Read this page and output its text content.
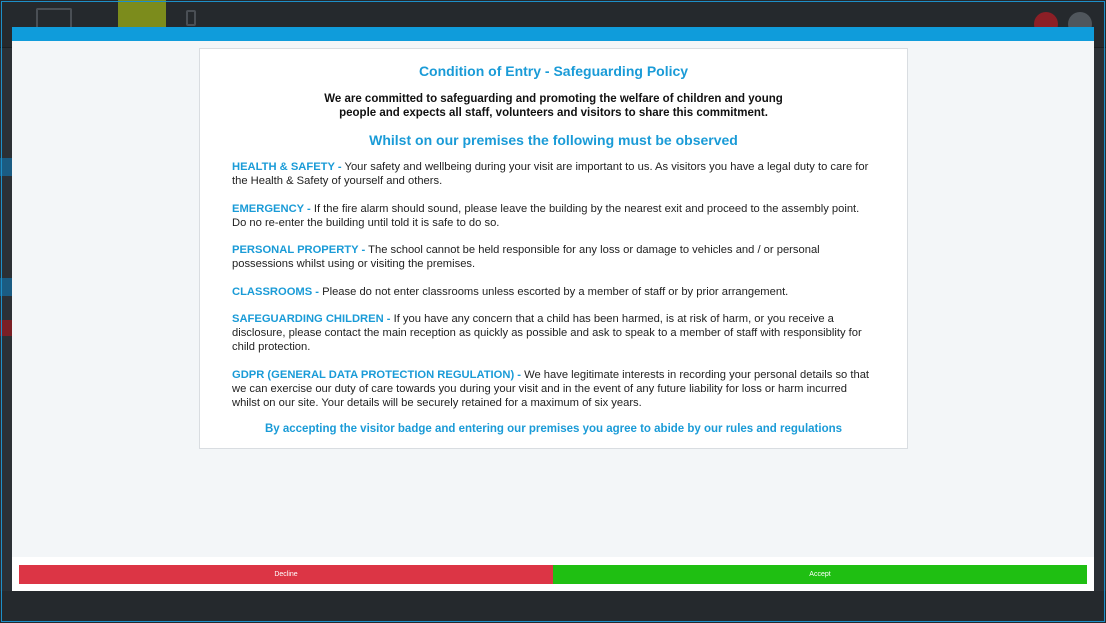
Condition of Entry - Safeguarding Policy
We are committed to safeguarding and promoting the welfare of children and young people and expects all staff, volunteers and visitors to share this commitment.
Whilst on our premises the following must be observed
HEALTH & SAFETY - Your safety and wellbeing during your visit are important to us. As visitors you have a legal duty to care for the Health & Safety of yourself and others.
EMERGENCY - If the fire alarm should sound, please leave the building by the nearest exit and proceed to the assembly point. Do no re-enter the building until told it is safe to do so.
PERSONAL PROPERTY - The school cannot be held responsible for any loss or damage to vehicles and / or personal possessions whilst using or visiting the premises.
CLASSROOMS - Please do not enter classrooms unless escorted by a member of staff or by prior arrangement.
SAFEGUARDING CHILDREN - If you have any concern that a child has been harmed, is at risk of harm, or you receive a disclosure, please contact the main reception as quickly as possible and ask to speak to a member of staff with responsiblity for child protection.
GDPR (GENERAL DATA PROTECTION REGULATION) - We have legitimate interests in recording your personal details so that we can exercise our duty of care towards you during your visit and in the event of any future liability for loss or harm incurred whilst on our site. Your details will be securely retained for a maximum of six years.
By accepting the visitor badge and entering our premises you agree to abide by our rules and regulations
Decline	Accept
